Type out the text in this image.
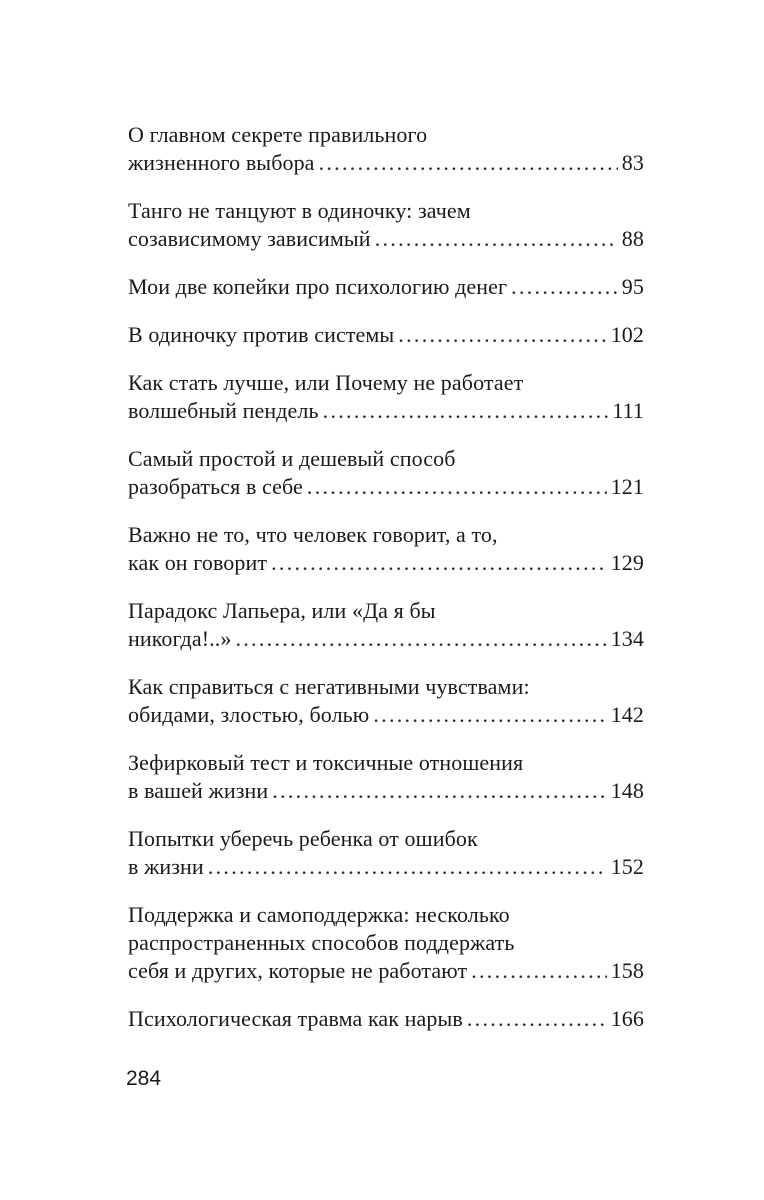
О главном секрете правильного
жизненного выбора . . .	83
Танго не танцуют в одиночку: зачем
созависимому зависимый . . .	88
Мои две копейки про психологию денег . . .	95
В одиночку против системы . . .	102
Как стать лучше, или Почему не работает
волшебный пендель . . .	111
Самый простой и дешевый способ
разобраться в себе . . .	121
Важно не то, что человек говорит, а то,
как он говорит . . .	129
Парадокс Лапьера, или «Да я бы
никогда!..» . . .	134
Как справиться с негативными чувствами:
обидами, злостью, болью . . .	142
Зефирковый тест и токсичные отношения
в вашей жизни . . .	148
Попытки уберечь ребенка от ошибок
в жизни . . .	152
Поддержка и самоподдержка: несколько
распространенных способов поддержать
себя и других, которые не работают . . .	158
Психологическая травма как нарыв . . .	166
284
